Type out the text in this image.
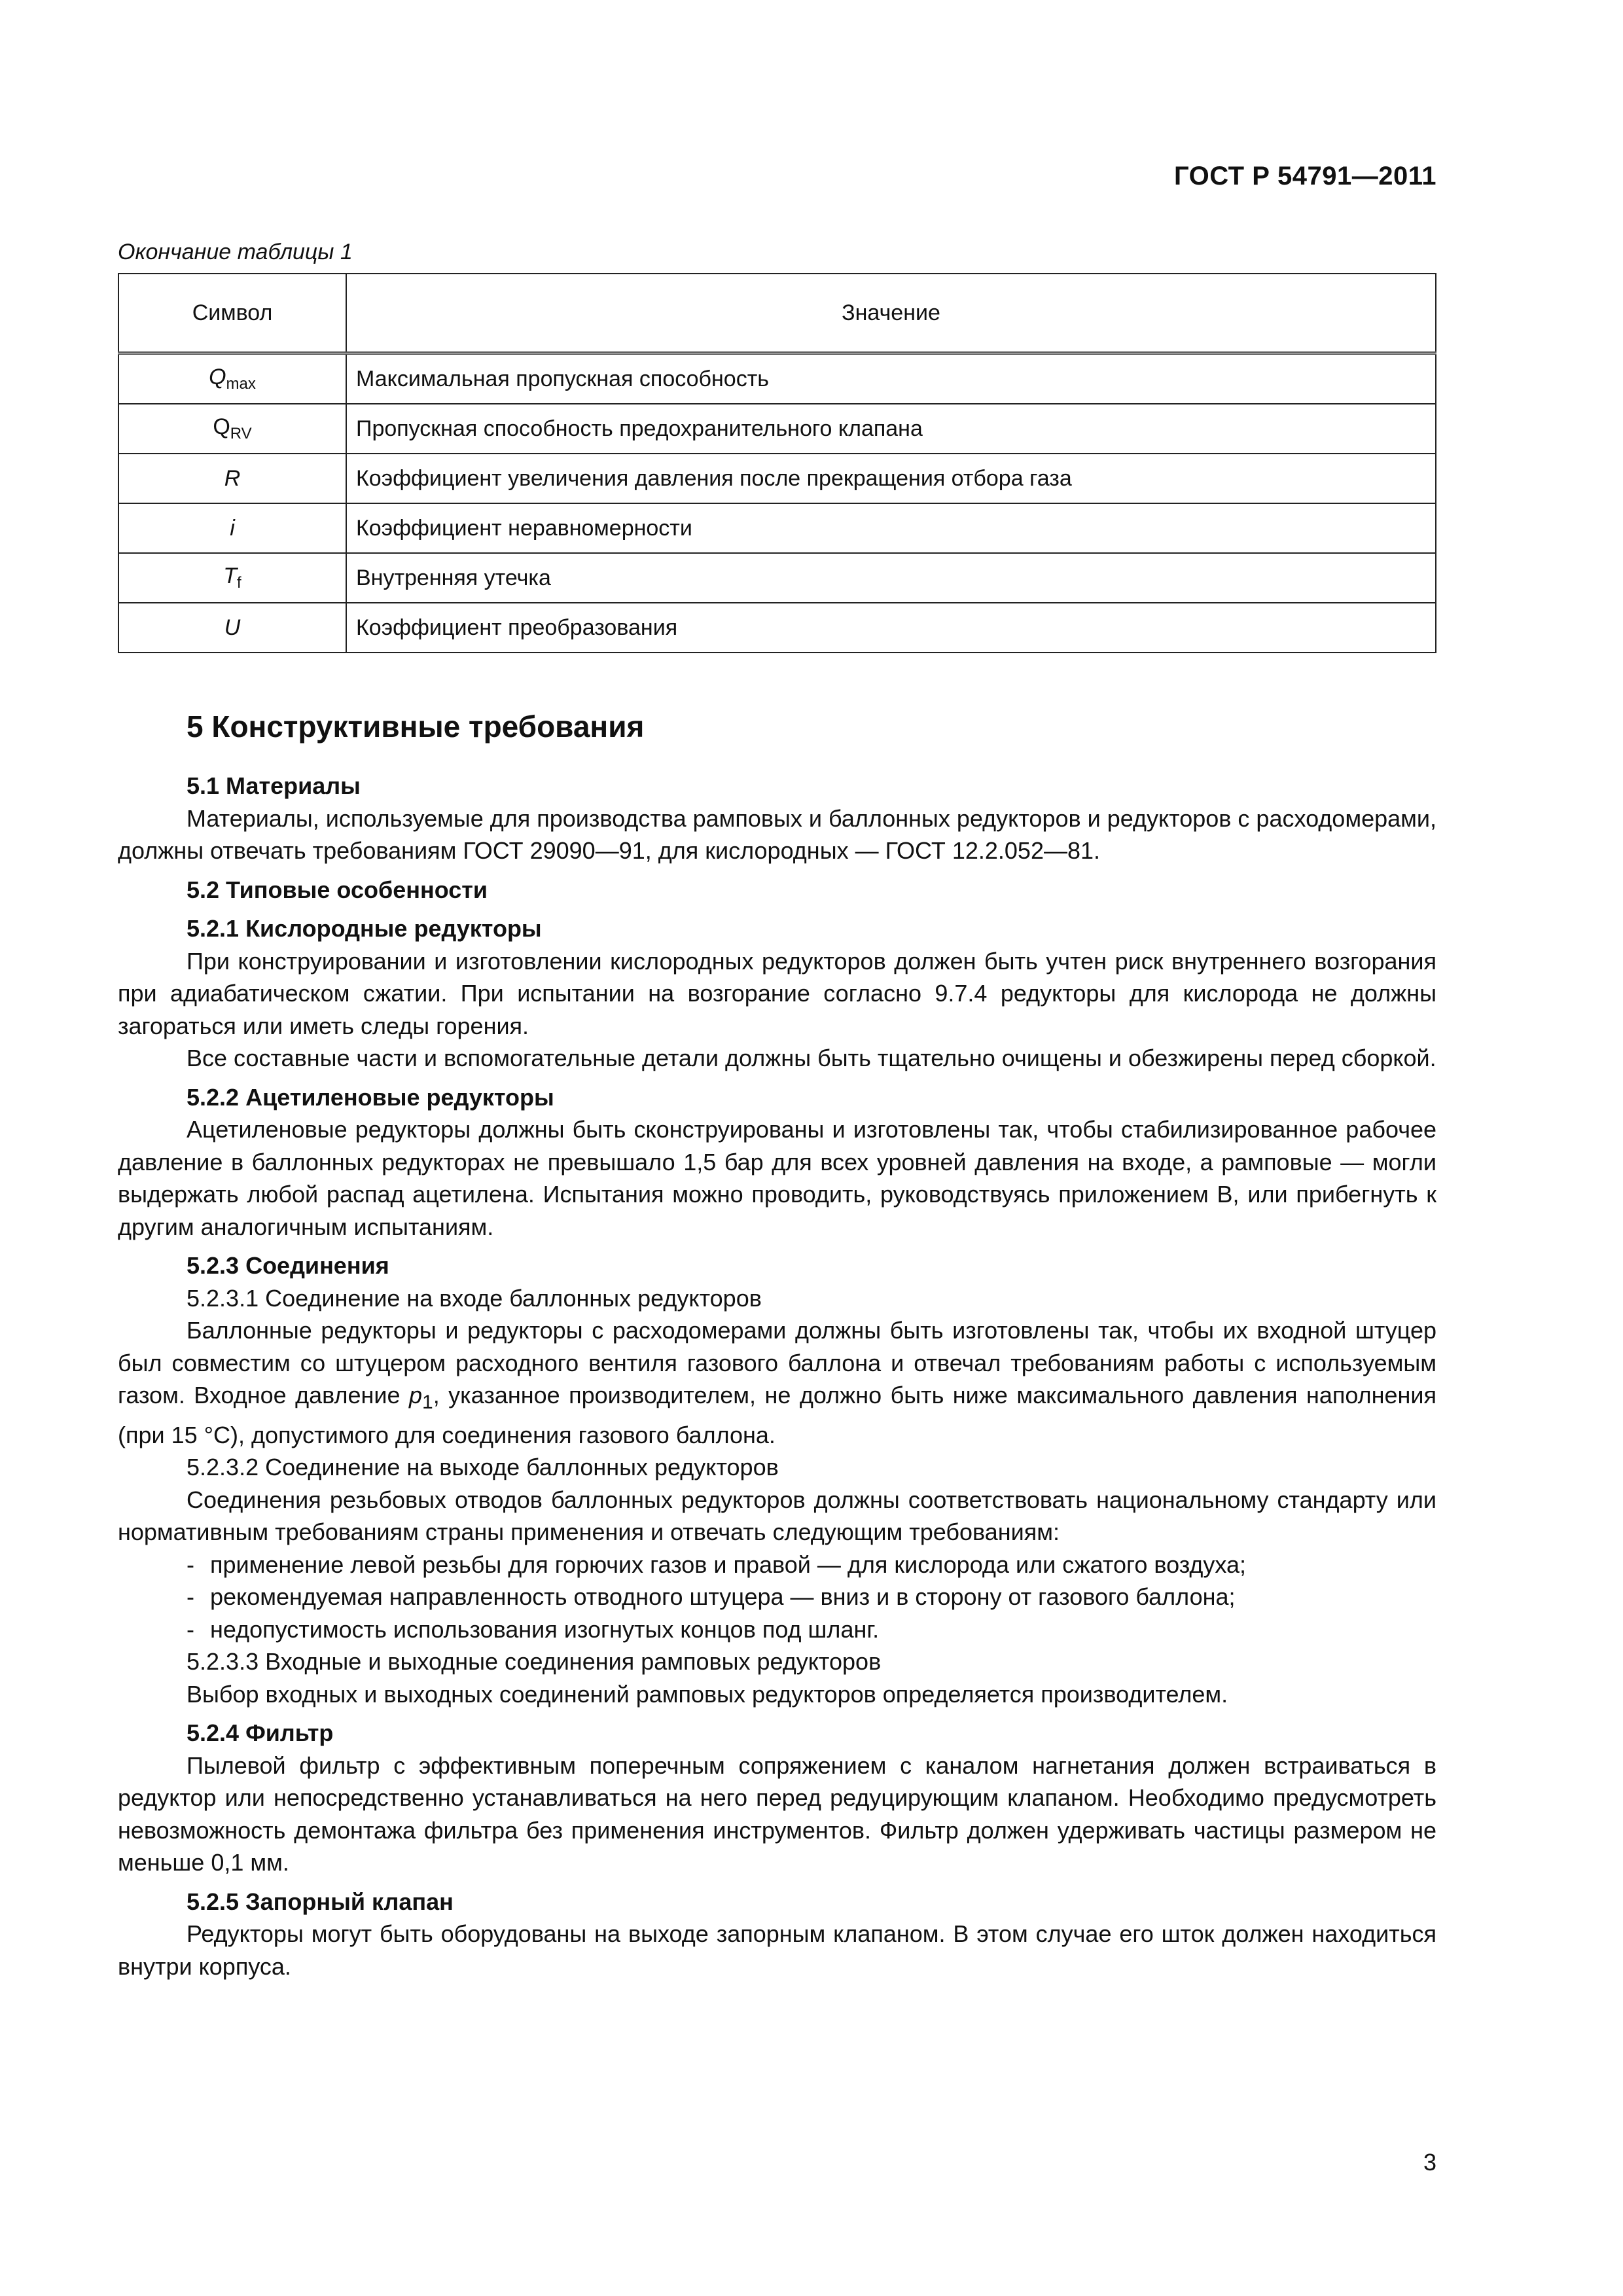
ГОСТ Р 54791—2011
Окончание таблицы 1
Символ	Значение
$Q_{max}$	Максимальная пропускная способность
$Q_{RV}$	Пропускная способность предохранительного клапана
R	Коэффициент увеличения давления после прекращения отбора газа
i	Коэффициент неравномерности
$T_f$	Внутренняя утечка
U	Коэффициент преобразования
5 Конструктивные требования

5.1 Материалы

Материалы, используемые для производства рамповых и баллонных редукторов и редукторов с расходомерами, должны отвечать требованиям ГОСТ 29090—91, для кислородных — ГОСТ 12.2.052—81.

5.2 Типовые особенности

5.2.1 Кислородные редукторы

При конструировании и изготовлении кислородных редукторов должен быть учтен риск внутреннего возгорания при адиабатическом сжатии. При испытании на возгорание согласно 9.7.4 редукторы для кислорода не должны загораться или иметь следы горения.

Все составные части и вспомогательные детали должны быть тщательно очищены и обезжирены перед сборкой.

5.2.2 Ацетиленовые редукторы

Ацетиленовые редукторы должны быть сконструированы и изготовлены так, чтобы стабилизированное рабочее давление в баллонных редукторах не превышало 1,5 бар для всех уровней давления на входе, а рамповые — могли выдержать любой распад ацетилена. Испытания можно проводить, руководствуясь приложением В, или прибегнуть к другим аналогичным испытаниям.

5.2.3 Соединения

5.2.3.1 Соединение на входе баллонных редукторов

Баллонные редукторы и редукторы с расходомерами должны быть изготовлены так, чтобы их входной штуцер был совместим со штуцером расходного вентиля газового баллона и отвечал требованиям работы с используемым газом. Входное давление $p_1$, указанное производителем, не должно быть ниже максимального давления наполнения (при 15 °C), допустимого для соединения газового баллона.

5.2.3.2 Соединение на выходе баллонных редукторов

Соединения резьбовых отводов баллонных редукторов должны соответствовать национальному стандарту или нормативным требованиям страны применения и отвечать следующим требованиям:

- применение левой резьбы для горючих газов и правой — для кислорода или сжатого воздуха;
- рекомендуемая направленность отводного штуцера — вниз и в сторону от газового баллона;
- недопустимость использования изогнутых концов под шланг.

5.2.3.3 Входные и выходные соединения рамповых редукторов

Выбор входных и выходных соединений рамповых редукторов определяется производителем.

5.2.4 Фильтр

Пылевой фильтр с эффективным поперечным сопряжением с каналом нагнетания должен встраиваться в редуктор или непосредственно устанавливаться на него перед редуцирующим клапаном. Необходимо предусмотреть невозможность демонтажа фильтра без применения инструментов. Фильтр должен удерживать частицы размером не меньше 0,1 мм.

5.2.5 Запорный клапан

Редукторы могут быть оборудованы на выходе запорным клапаном. В этом случае его шток должен находиться внутри корпуса.

3
